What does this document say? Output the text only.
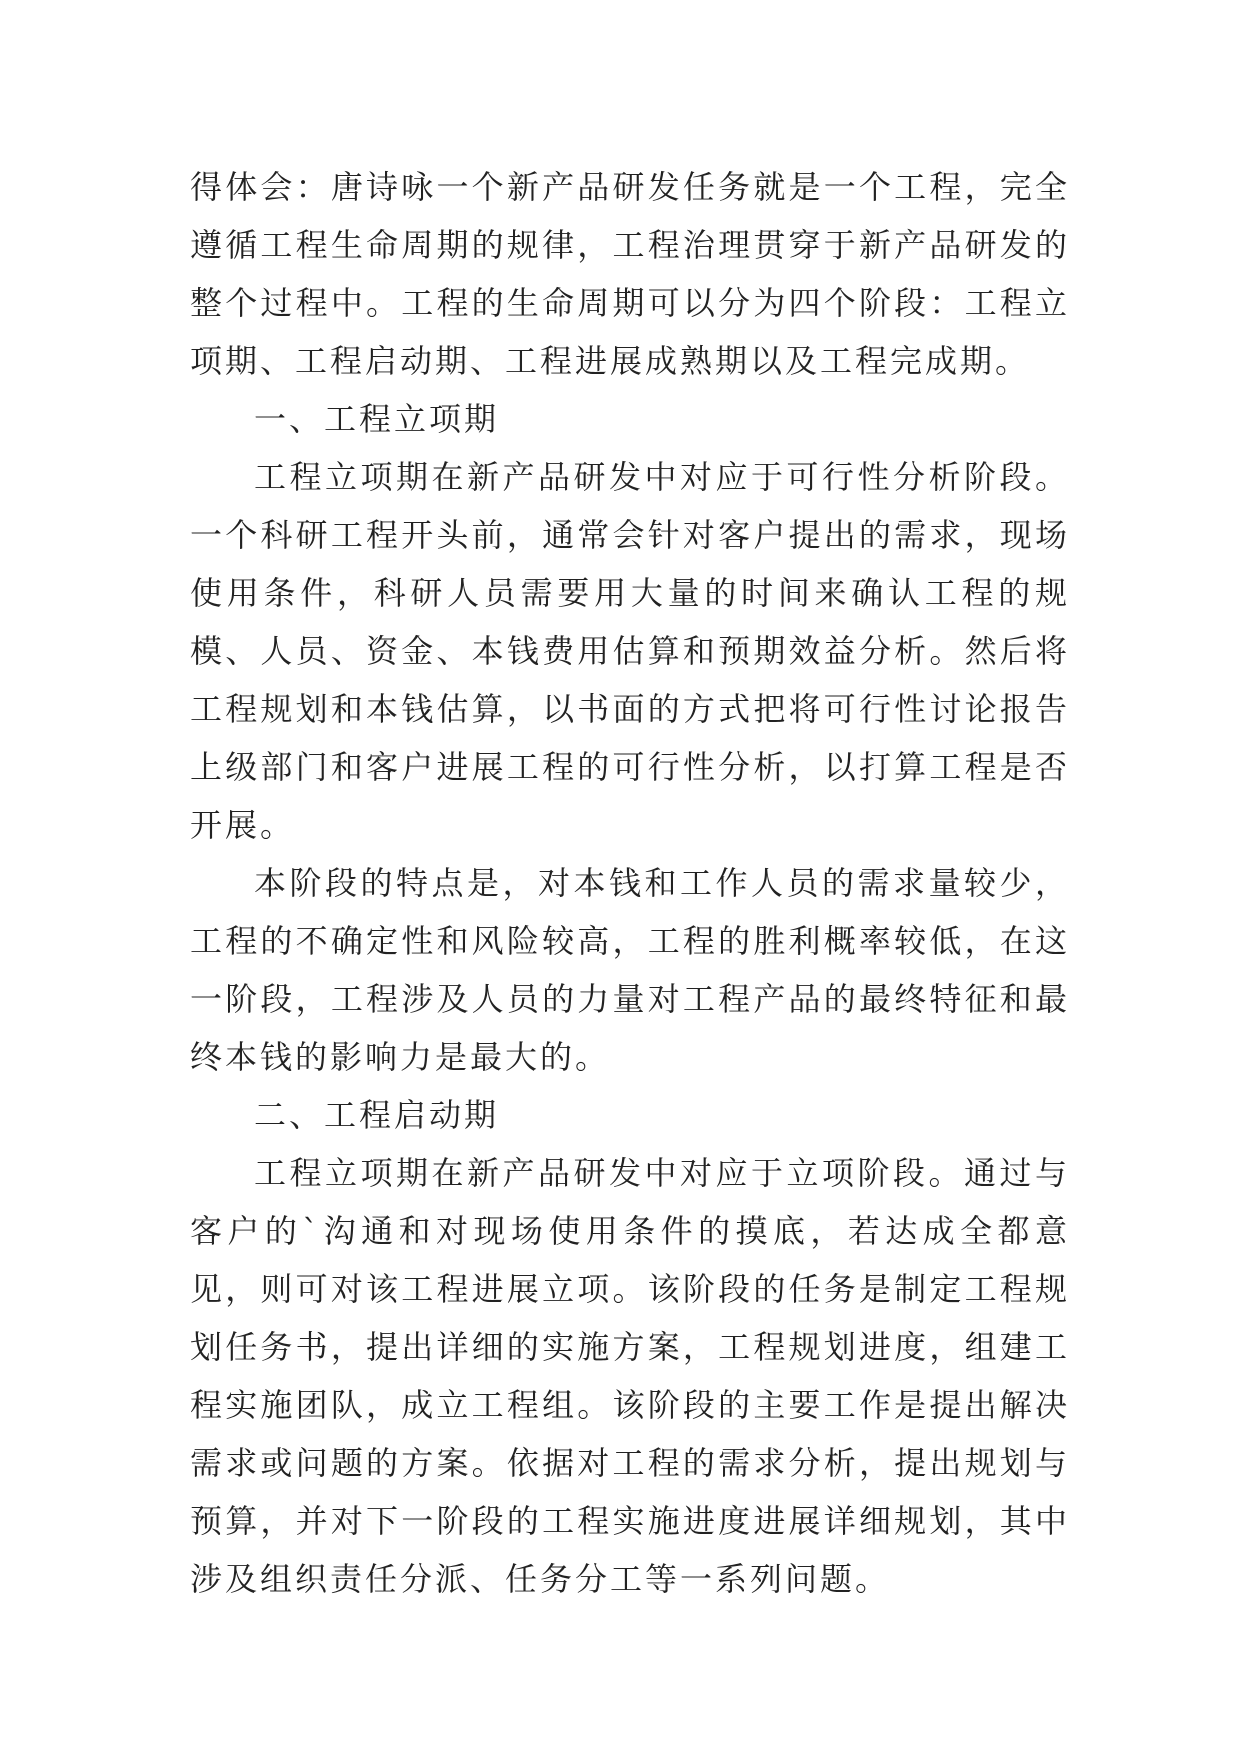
得体会：唐诗咏一个新产品研发任务就是一个工程，完全遵循工程生命周期的规律，工程治理贯穿于新产品研发的整个过程中。工程的生命周期可以分为四个阶段：工程立项期、工程启动期、工程进展成熟期以及工程完成期。

一、工程立项期

工程立项期在新产品研发中对应于可行性分析阶段。一个科研工程开头前，通常会针对客户提出的需求，现场使用条件，科研人员需要用大量的时间来确认工程的规模、人员、资金、本钱费用估算和预期效益分析。然后将工程规划和本钱估算，以书面的方式把将可行性讨论报告上级部门和客户进展工程的可行性分析，以打算工程是否开展。

本阶段的特点是，对本钱和工作人员的需求量较少，工程的不确定性和风险较高，工程的胜利概率较低，在这一阶段，工程涉及人员的力量对工程产品的最终特征和最终本钱的影响力是最大的。

二、工程启动期

工程立项期在新产品研发中对应于立项阶段。通过与客户的`沟通和对现场使用条件的摸底，若达成全都意见，则可对该工程进展立项。该阶段的任务是制定工程规划任务书，提出详细的实施方案，工程规划进度，组建工程实施团队，成立工程组。该阶段的主要工作是提出解决需求或问题的方案。依据对工程的需求分析，提出规划与预算，并对下一阶段的工程实施进度进展详细规划，其中涉及组织责任分派、任务分工等一系列问题。
